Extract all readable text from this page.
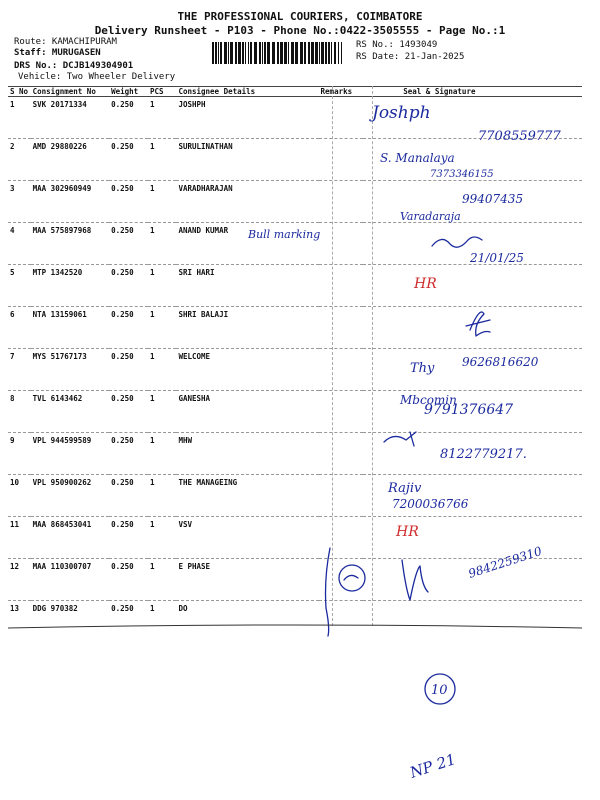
THE PROFESSIONAL COURIERS, COIMBATORE
Delivery Runsheet - P103 - Phone No.:0422-3505555 - Page No.:1
Route: KAMACHIPURAM
Staff: MURUGASEN
DRS No.: DCJB149304901
Vehicle: Two Wheeler Delivery
RS No.: 1493049
RS Date: 21-Jan-2025
S No	Consignment No	Weight	PCS	Consignee Details	Remarks	Seal & Signature
1	SVK 20171334	0.250	1	JOSHPH		
2	AMD 29880226	0.250	1	SURULINATHAN		
3	MAA 302960949	0.250	1	VARADHARAJAN		
4	MAA 575897968	0.250	1	ANAND KUMAR		
5	MTP 1342520	0.250	1	SRI HARI		
6	NTA 13159061	0.250	1	SHRI BALAJI		
7	MYS 51767173	0.250	1	WELCOME		
8	TVL 6143462	0.250	1	GANESHA		
9	VPL 944599589	0.250	1	MHW		
10	VPL 950900262	0.250	1	THE MANAGEING		
11	MAA 868453041	0.250	1	VSV		
12	MAA 110300707	0.250	1	E PHASE		
13	DDG 970382	0.250	1	DO		
Joshph
7708559777
S. Manalaya
7373346155
99407435
Varadaraja
Bull marking
21/01/25
HR
Thy 9626816620
Mbcomin
9791376647
8122779217.
Rajiv
7200036766
HR
9842259310
10
NP 21
